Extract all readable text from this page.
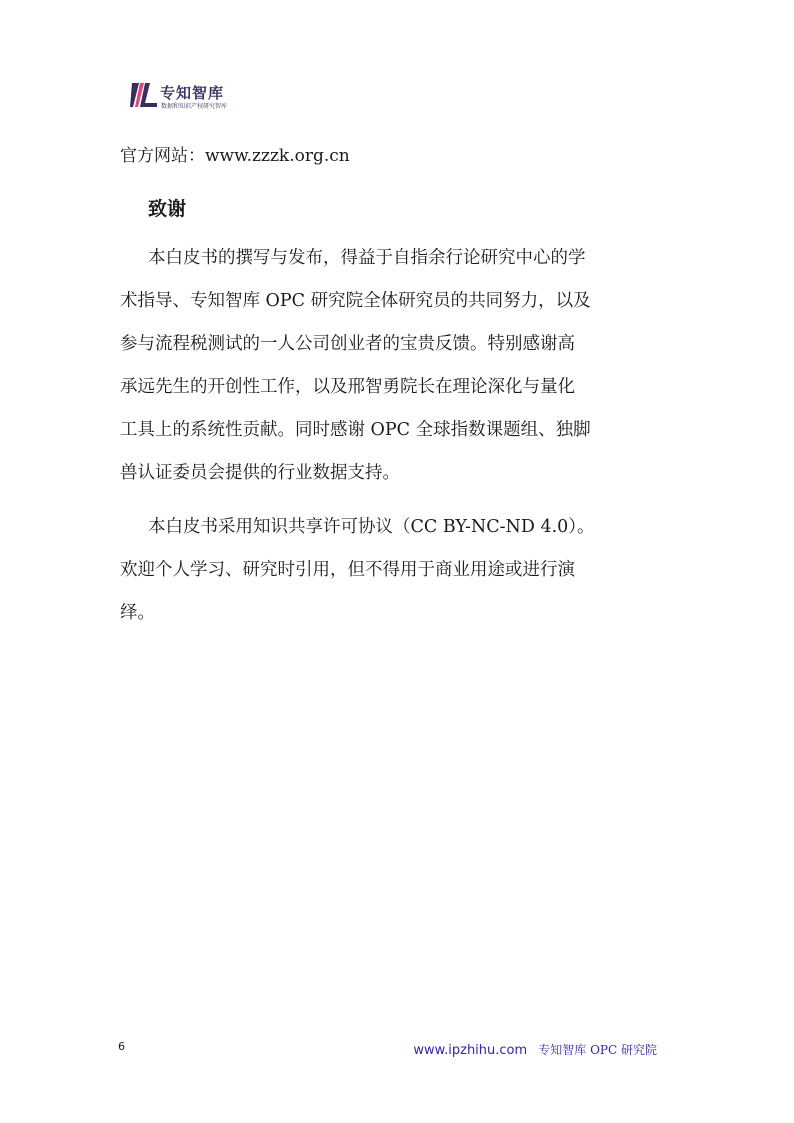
专知智库
数据和知识产权研究智库
官方网站：www.zzzk.org.cn
致谢

本白皮书的撰写与发布，得益于自指余行论研究中心的学
术指导、专知智库 OPC 研究院全体研究员的共同努力，以及
参与流程税测试的一人公司创业者的宝贵反馈。特别感谢高
承远先生的开创性工作，以及邢智勇院长在理论深化与量化
工具上的系统性贡献。同时感谢 OPC 全球指数课题组、独脚
兽认证委员会提供的行业数据支持。

本白皮书采用知识共享许可协议（CC BY-NC-ND 4.0）。
欢迎个人学习、研究时引用，但不得用于商业用途或进行演
绎。

6	www.ipzhihu.com 专知智库 OPC 研究院
